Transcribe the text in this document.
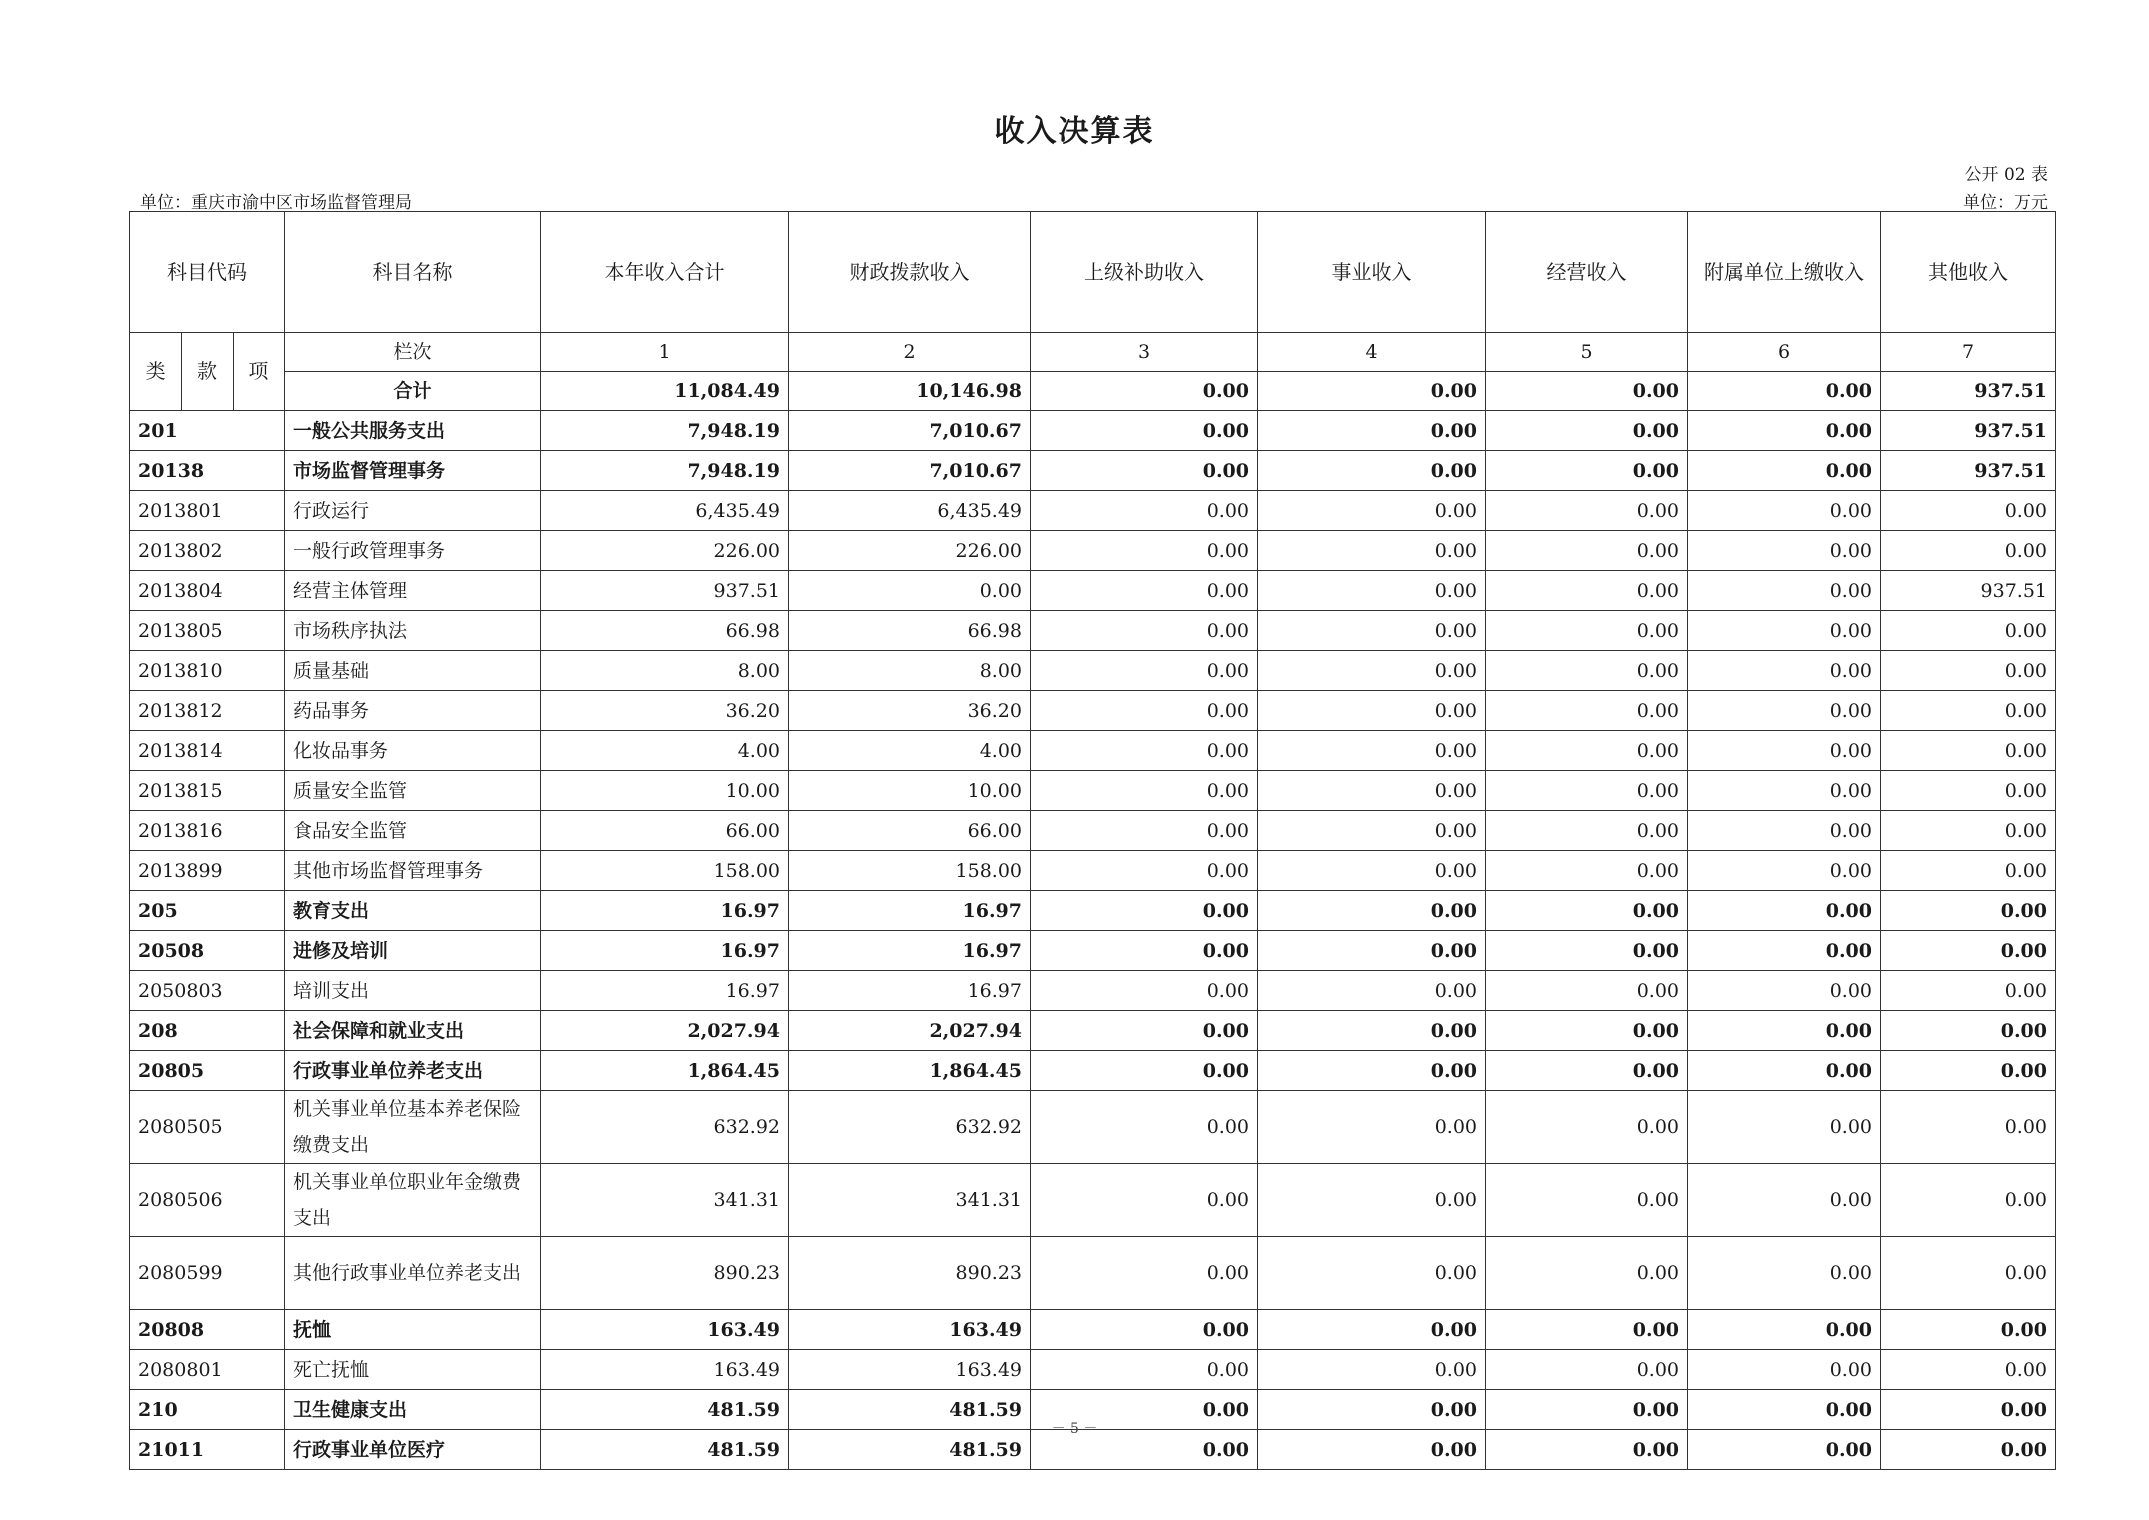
收入决算表
公开 02 表
单位：重庆市渝中区市场监督管理局	单位：万元
科目代码	科目名称	本年收入合计	财政拨款收入	上级补助收入	事业收入	经营收入	附属单位上缴收入	其他收入

类 款 项	栏次	1	2	3	4	5	6	7
	合计	11,084.49	10,146.98	0.00	0.00	0.00	0.00	937.51
201	一般公共服务支出	7,948.19	7,010.67	0.00	0.00	0.00	0.00	937.51
20138	市场监督管理事务	7,948.19	7,010.67	0.00	0.00	0.00	0.00	937.51
2013801	行政运行	6,435.49	6,435.49	0.00	0.00	0.00	0.00	0.00
2013802	一般行政管理事务	226.00	226.00	0.00	0.00	0.00	0.00	0.00
2013804	经营主体管理	937.51	0.00	0.00	0.00	0.00	0.00	937.51
2013805	市场秩序执法	66.98	66.98	0.00	0.00	0.00	0.00	0.00
2013810	质量基础	8.00	8.00	0.00	0.00	0.00	0.00	0.00
2013812	药品事务	36.20	36.20	0.00	0.00	0.00	0.00	0.00
2013814	化妆品事务	4.00	4.00	0.00	0.00	0.00	0.00	0.00
2013815	质量安全监管	10.00	10.00	0.00	0.00	0.00	0.00	0.00
2013816	食品安全监管	66.00	66.00	0.00	0.00	0.00	0.00	0.00
2013899	其他市场监督管理事务	158.00	158.00	0.00	0.00	0.00	0.00	0.00
205	教育支出	16.97	16.97	0.00	0.00	0.00	0.00	0.00
20508	进修及培训	16.97	16.97	0.00	0.00	0.00	0.00	0.00
2050803	培训支出	16.97	16.97	0.00	0.00	0.00	0.00	0.00
208	社会保障和就业支出	2,027.94	2,027.94	0.00	0.00	0.00	0.00	0.00
20805	行政事业单位养老支出	1,864.45	1,864.45	0.00	0.00	0.00	0.00	0.00
2080505	机关事业单位基本养老保险缴费支出	632.92	632.92	0.00	0.00	0.00	0.00	0.00
2080506	机关事业单位职业年金缴费支出	341.31	341.31	0.00	0.00	0.00	0.00	0.00
2080599	其他行政事业单位养老支出	890.23	890.23	0.00	0.00	0.00	0.00	0.00
20808	抚恤	163.49	163.49	0.00	0.00	0.00	0.00	0.00
2080801	死亡抚恤	163.49	163.49	0.00	0.00	0.00	0.00	0.00
210	卫生健康支出	481.59	481.59	0.00	0.00	0.00	0.00	0.00
21011	行政事业单位医疗	481.59	481.59	0.00	0.00	0.00	0.00	0.00
－ 5 －
